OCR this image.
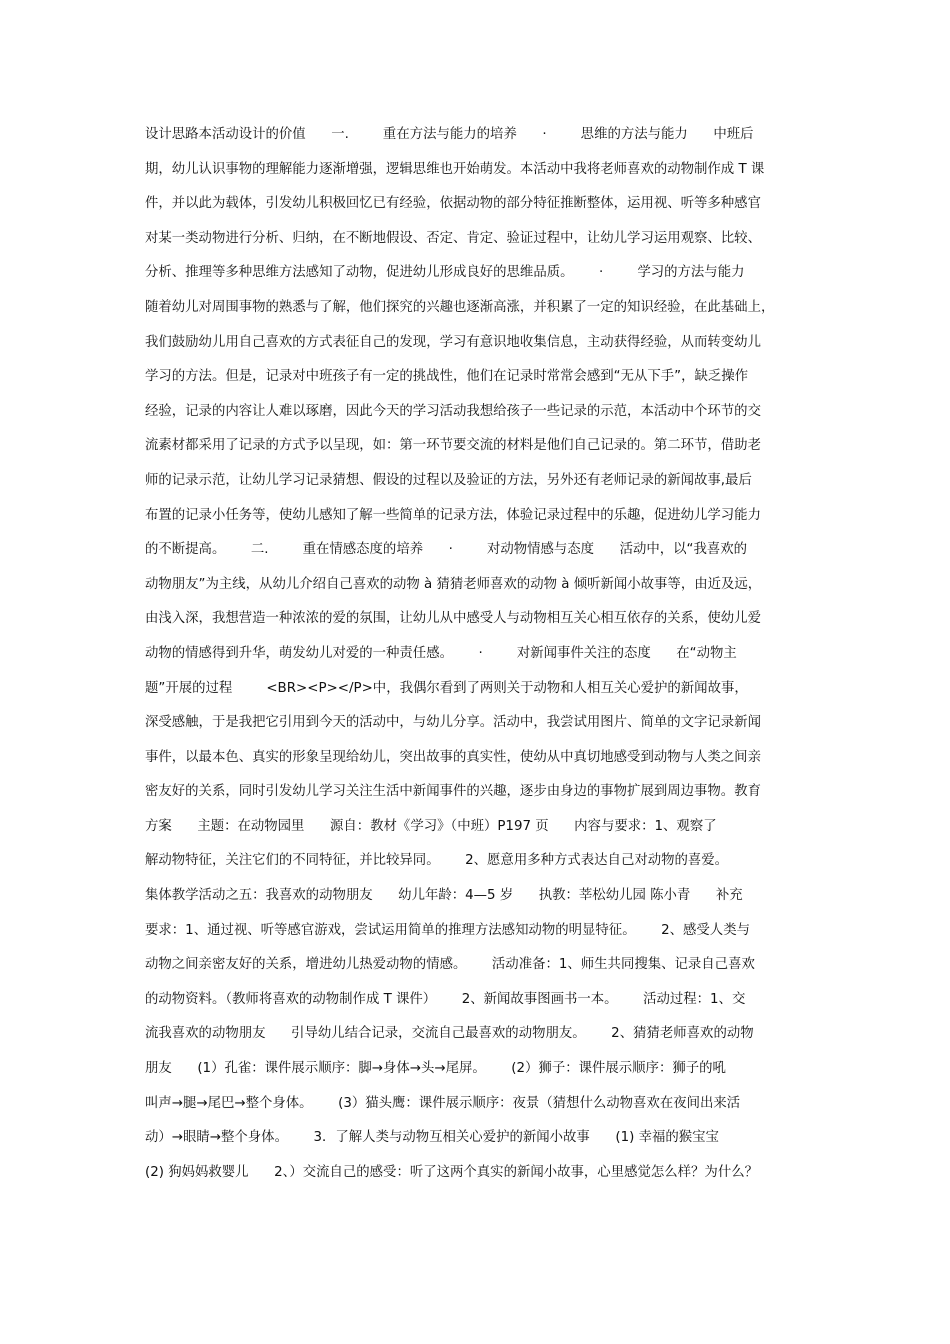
设计思路本活动设计的价值      一.        重在方法与能力的培养      ·        思维的方法与能力      中班后
期，幼儿认识事物的理解能力逐渐增强，逻辑思维也开始萌发。本活动中我将老师喜欢的动物制作成 T 课
件，并以此为载体，引发幼儿积极回忆已有经验，依据动物的部分特征推断整体，运用视、听等多种感官
对某一类动物进行分析、归纳，在不断地假设、否定、肯定、验证过程中，让幼儿学习运用观察、比较、
分析、推理等多种思维方法感知了动物，促进幼儿形成良好的思维品质。      ·        学习的方法与能力
随着幼儿对周围事物的熟悉与了解，他们探究的兴趣也逐渐高涨，并积累了一定的知识经验，在此基础上，
我们鼓励幼儿用自己喜欢的方式表征自己的发现，学习有意识地收集信息，主动获得经验，从而转变幼儿
学习的方法。但是，记录对中班孩子有一定的挑战性，他们在记录时常常会感到“无从下手”，缺乏操作
经验，记录的内容让人难以琢磨，因此今天的学习活动我想给孩子一些记录的示范，本活动中个环节的交
流素材都采用了记录的方式予以呈现，如：第一环节要交流的材料是他们自己记录的。第二环节，借助老
师的记录示范，让幼儿学习记录猜想、假设的过程以及验证的方法，另外还有老师记录的新闻故事,最后
布置的记录小任务等，使幼儿感知了解一些简单的记录方法，体验记录过程中的乐趣，促进幼儿学习能力
的不断提高。      二.        重在情感态度的培养      ·        对动物情感与态度      活动中，以“我喜欢的
动物朋友”为主线，从幼儿介绍自己喜欢的动物 à 猜猜老师喜欢的动物 à 倾听新闻小故事等，由近及远，
由浅入深，我想营造一种浓浓的爱的氛围，让幼儿从中感受人与动物相互关心相互依存的关系，使幼儿爱
动物的情感得到升华，萌发幼儿对爱的一种责任感。      ·        对新闻事件关注的态度      在“动物主
题”开展的过程        <BR><P></P>中，我偶尔看到了两则关于动物和人相互关心爱护的新闻故事，
深受感触，于是我把它引用到今天的活动中，与幼儿分享。活动中，我尝试用图片、简单的文字记录新闻
事件，以最本色、真实的形象呈现给幼儿，突出故事的真实性，使幼从中真切地感受到动物与人类之间亲
密友好的关系，同时引发幼儿学习关注生活中新闻事件的兴趣，逐步由身边的事物扩展到周边事物。教育
方案      主题：在动物园里      源自：教材《学习》（中班）P197 页      内容与要求：1、观察了
解动物特征，关注它们的不同特征，并比较异同。      2、愿意用多种方式表达自己对动物的喜爱。
集体教学活动之五：我喜欢的动物朋友      幼儿年龄：4—5 岁      执教：莘松幼儿园 陈小青      补充
要求：1、通过视、听等感官游戏，尝试运用简单的推理方法感知动物的明显特征。      2、感受人类与
动物之间亲密友好的关系，增进幼儿热爱动物的情感。      活动准备：1、师生共同搜集、记录自己喜欢
的动物资料。（教师将喜欢的动物制作成 T 课件）      2、新闻故事图画书一本。      活动过程：1、交
流我喜欢的动物朋友      引导幼儿结合记录，交流自己最喜欢的动物朋友。      2、猜猜老师喜欢的动物
朋友      (1）孔雀：课件展示顺序：脚→身体→头→尾屏。      (2）狮子：课件展示顺序：狮子的吼
叫声→腿→尾巴→整个身体。      (3）猫头鹰：课件展示顺序：夜景（猜想什么动物喜欢在夜间出来活
动）→眼睛→整个身体。      3．了解人类与动物互相关心爱护的新闻小故事      (1) 幸福的猴宝宝
(2) 狗妈妈救婴儿      2、）交流自己的感受：听了这两个真实的新闻小故事，心里感觉怎么样？为什么？
